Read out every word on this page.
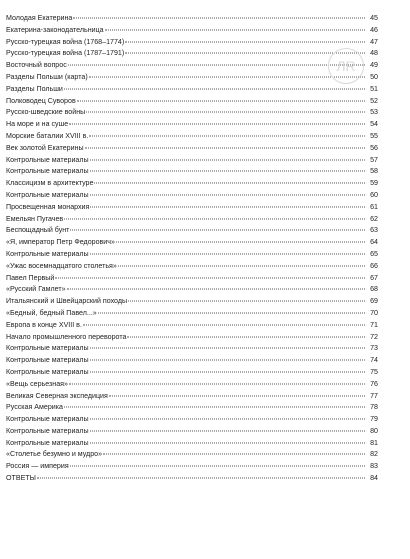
Молодая Екатерина	45
Екатерина-законодательница	46
Русско-турецкая война (1768–1774)	47
Русско-турецкая война (1787–1791)	48
Восточный вопрос	49
Разделы Польши (карта)	50
Разделы Польши	51
Полководец Суворов	52
Русско-шведские войны	53
На море и на суше	54
Морские баталии XVIII в.	55
Век золотой Екатерины	56
Контрольные материалы	57
Контрольные материалы	58
Классицизм в архитектуре	59
Контрольные материалы	60
Просвещенная монархия	61
Емельян Пугачев	62
Беспощадный бунт	63
«Я, император Петр Федорович»	64
Контрольные материалы	65
«Ужас восемнадцатого столетья»	66
Павел Первый	67
«Русский Гамлет»	68
Итальянский и Швейцарский походы	69
«Бедный, бедный Павел...»	70
Европа в конце XVIII в.	71
Начало промышленного переворота	72
Контрольные материалы	73
Контрольные материалы	74
Контрольные материалы	75
«Вещь серьезная»	76
Великая Северная экспедиция	77
Русская Америка	78
Контрольные материалы	79
Контрольные материалы	80
Контрольные материалы	81
«Столетье безумно и мудро»	82
Россия — империя	83
ОТВЕТЫ	84
ЛR
